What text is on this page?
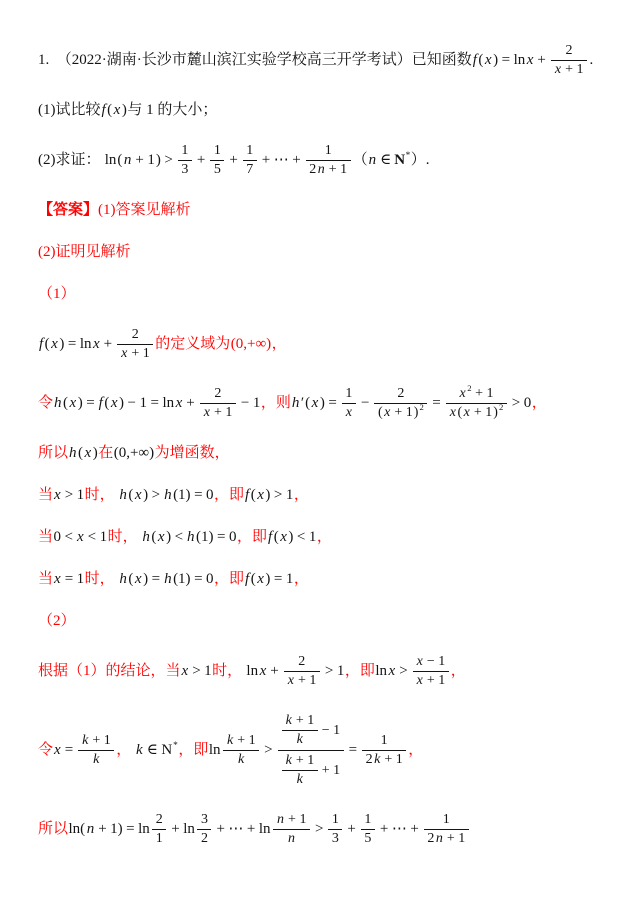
1.　（2022·湖南·长沙市麓山滨江实验学校高三开学考试）已知函数f ( x ) = $\ln x + \frac{2}{x + 1}$ .
(1)试比较f ( x )与 1 的大小；
(2)求证： ln( $n + 1) > \frac{1}{3} + \frac{1}{5} + \frac{1}{7}$ + ⋯ + $\frac{1}{2 n + 1} (n$ ∈ N*）.
【答案】(1)答案见解析
(2)证明见解析
（1）
f ( x ) = $\ln x + \frac{2}{x + 1}$ 的定义域为(0,+∞)，
令h ( x ) = f ( x ) − $1 = \ln x + \frac{2}{x + 1} - 1$，则h ′( x ) = $\frac{1}{x} - \frac{2}{( x + 1)^2} = \frac{x ^2 + 1}{x ( x + 1)^2} > 0$，
所以h ( x )在(0,+∞)为增函数，
当x > 1时， h ( x ) > h (1) = 0，即f ( x ) > 1，
当0 < x < 1时， h ( x ) < h (1) = 0，即f ( x ) < 1，
当x = 1时， h ( x ) = h (1) = 0，即f ( x ) = 1，
（2）
根据（1）的结论，当x > 1时， $\ln x + \frac{2}{x + 1} > 1$，即$\ln x > \frac{x - 1}{x + 1}$ ，
令$x = \frac{k + 1}{k}$ ， k ∈ N*，即$\ln \frac{k + 1}{k} > \frac{\frac{k + 1}{k} - 1}{\frac{k + 1}{k} + 1} = \frac{1}{2 k + 1}$ ，
所以ln( $n + 1) = \ln \frac{2}{1} + \ln \frac{3}{2}$ + ⋯ + $\ln \frac{n + 1}{n} > \frac{1}{3} + \frac{1}{5}$ + ⋯ + $\frac{1}{2 n + 1}$
